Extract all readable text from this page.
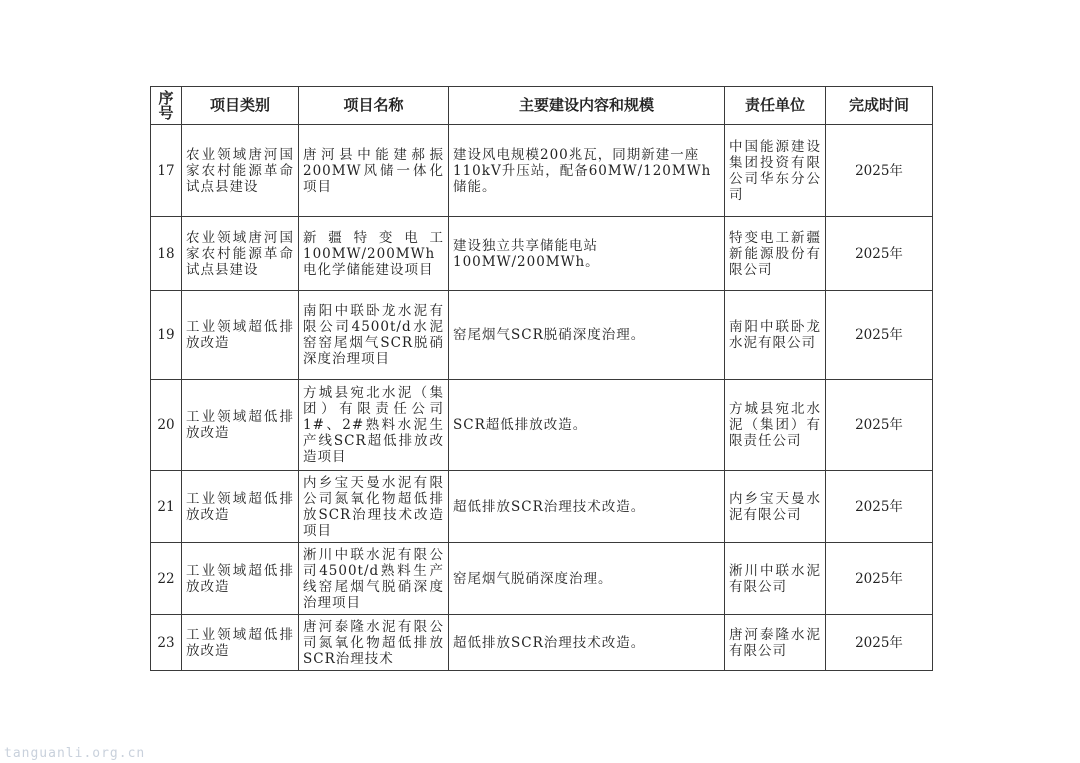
序号	项目类别	项目名称	主要建设内容和规模	责任单位	完成时间
17	农业领域唐河国家农村能源革命试点县建设	唐河县中能建郝振200MW风储一体化项目	建设风电规模200兆瓦，同期新建一座110kV升压站，配备60MW/120MWh储能。	中国能源建设集团投资有限公司华东分公司	2025年
18	农业领域唐河国家农村能源革命试点县建设	新疆特变电工100MW/200MWh电化学储能建设项目	建设独立共享储能电站100MW/200MWh。	特变电工新疆新能源股份有限公司	2025年
19	工业领域超低排放改造	南阳中联卧龙水泥有限公司4500t/d水泥窑窑尾烟气SCR脱硝深度治理项目	窑尾烟气SCR脱硝深度治理。	南阳中联卧龙水泥有限公司	2025年
20	工业领域超低排放改造	方城县宛北水泥（集团）有限责任公司1#、2#熟料水泥生产线SCR超低排放改造项目	SCR超低排放改造。	方城县宛北水泥（集团）有限责任公司	2025年
21	工业领域超低排放改造	内乡宝天曼水泥有限公司氮氧化物超低排放SCR治理技术改造项目	超低排放SCR治理技术改造。	内乡宝天曼水泥有限公司	2025年
22	工业领域超低排放改造	淅川中联水泥有限公司4500t/d熟料生产线窑尾烟气脱硝深度治理项目	窑尾烟气脱硝深度治理。	淅川中联水泥有限公司	2025年
23	工业领域超低排放改造	唐河泰隆水泥有限公司氮氧化物超低排放SCR治理技术	超低排放SCR治理技术改造。	唐河泰隆水泥有限公司	2025年
tanguanli.org.cn
